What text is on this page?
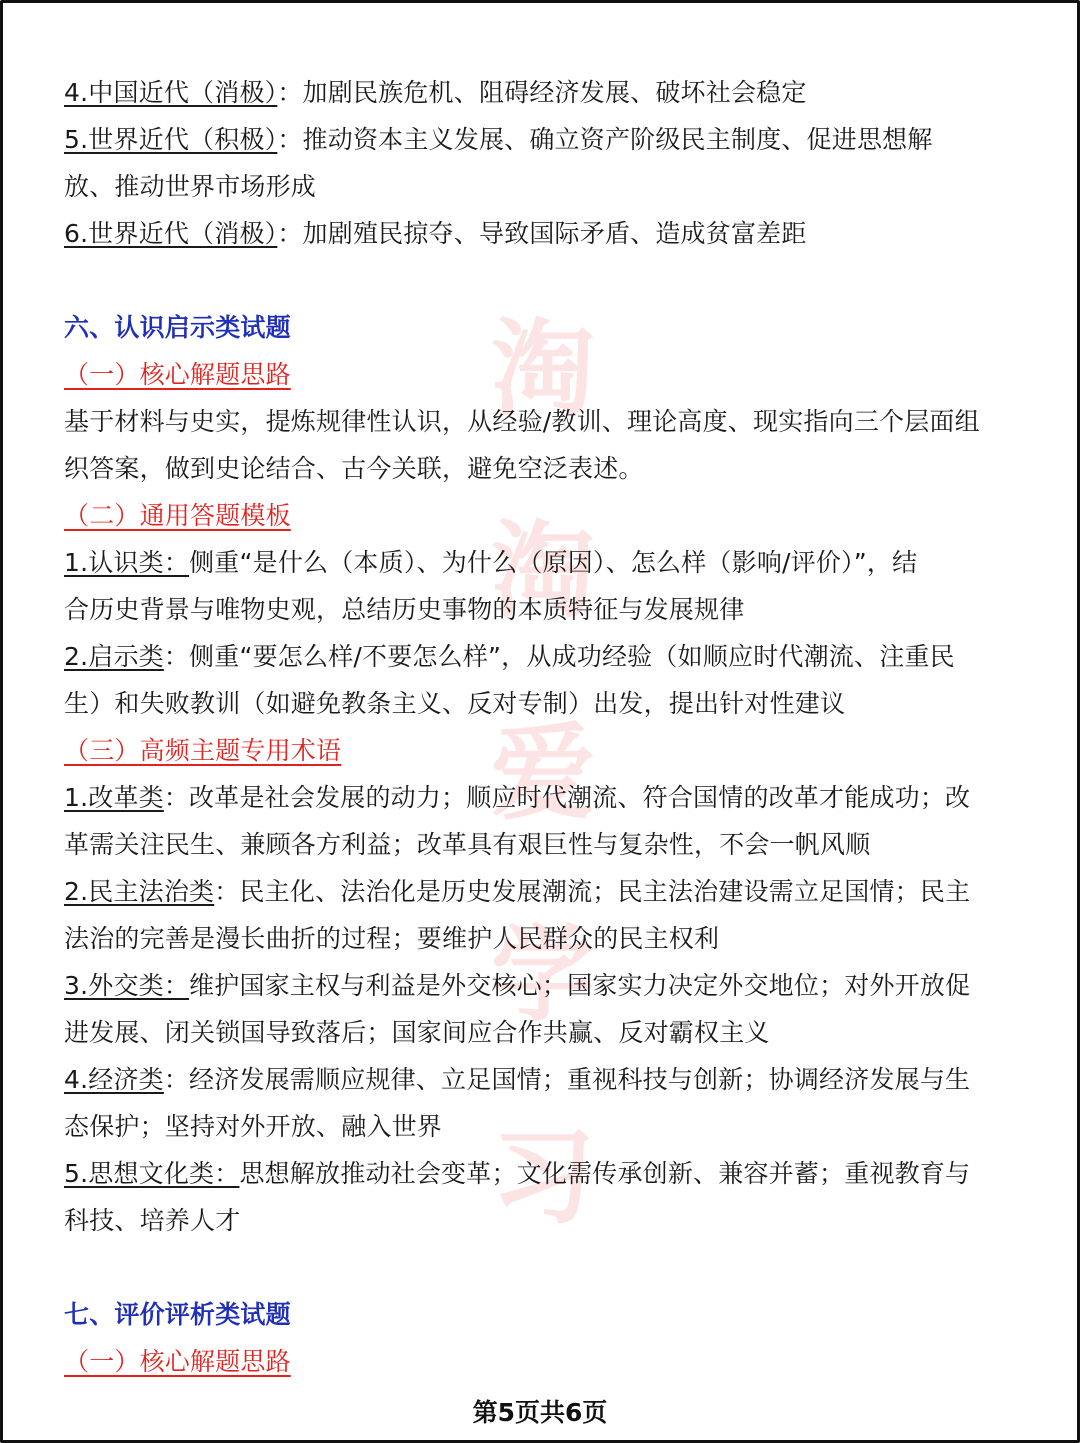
淘
淘
爱
学
习
4.中国近代（消极）：加剧民族危机、阻碍经济发展、破坏社会稳定
5.世界近代（积极）：推动资本主义发展、确立资产阶级民主制度、促进思想解
放、推动世界市场形成
6.世界近代（消极）：加剧殖民掠夺、导致国际矛盾、造成贫富差距
六、认识启示类试题
（一）核心解题思路
基于材料与史实，提炼规律性认识，从经验/教训、理论高度、现实指向三个层面组
织答案，做到史论结合、古今关联，避免空泛表述。
（二）通用答题模板
1.认识类：侧重“是什么（本质）、为什么（原因）、怎么样（影响/评价）”，结
合历史背景与唯物史观，总结历史事物的本质特征与发展规律
2.启示类：侧重“要怎么样/不要怎么样”，从成功经验（如顺应时代潮流、注重民
生）和失败教训（如避免教条主义、反对专制）出发，提出针对性建议
（三）高频主题专用术语
1.改革类：改革是社会发展的动力；顺应时代潮流、符合国情的改革才能成功；改
革需关注民生、兼顾各方利益；改革具有艰巨性与复杂性，不会一帆风顺
2.民主法治类：民主化、法治化是历史发展潮流；民主法治建设需立足国情；民主
法治的完善是漫长曲折的过程；要维护人民群众的民主权利
3.外交类：维护国家主权与利益是外交核心；国家实力决定外交地位；对外开放促
进发展、闭关锁国导致落后；国家间应合作共赢、反对霸权主义
4.经济类：经济发展需顺应规律、立足国情；重视科技与创新；协调经济发展与生
态保护；坚持对外开放、融入世界
5.思想文化类：思想解放推动社会变革；文化需传承创新、兼容并蓄；重视教育与
科技、培养人才
七、评价评析类试题
（一）核心解题思路
第5页共6页
